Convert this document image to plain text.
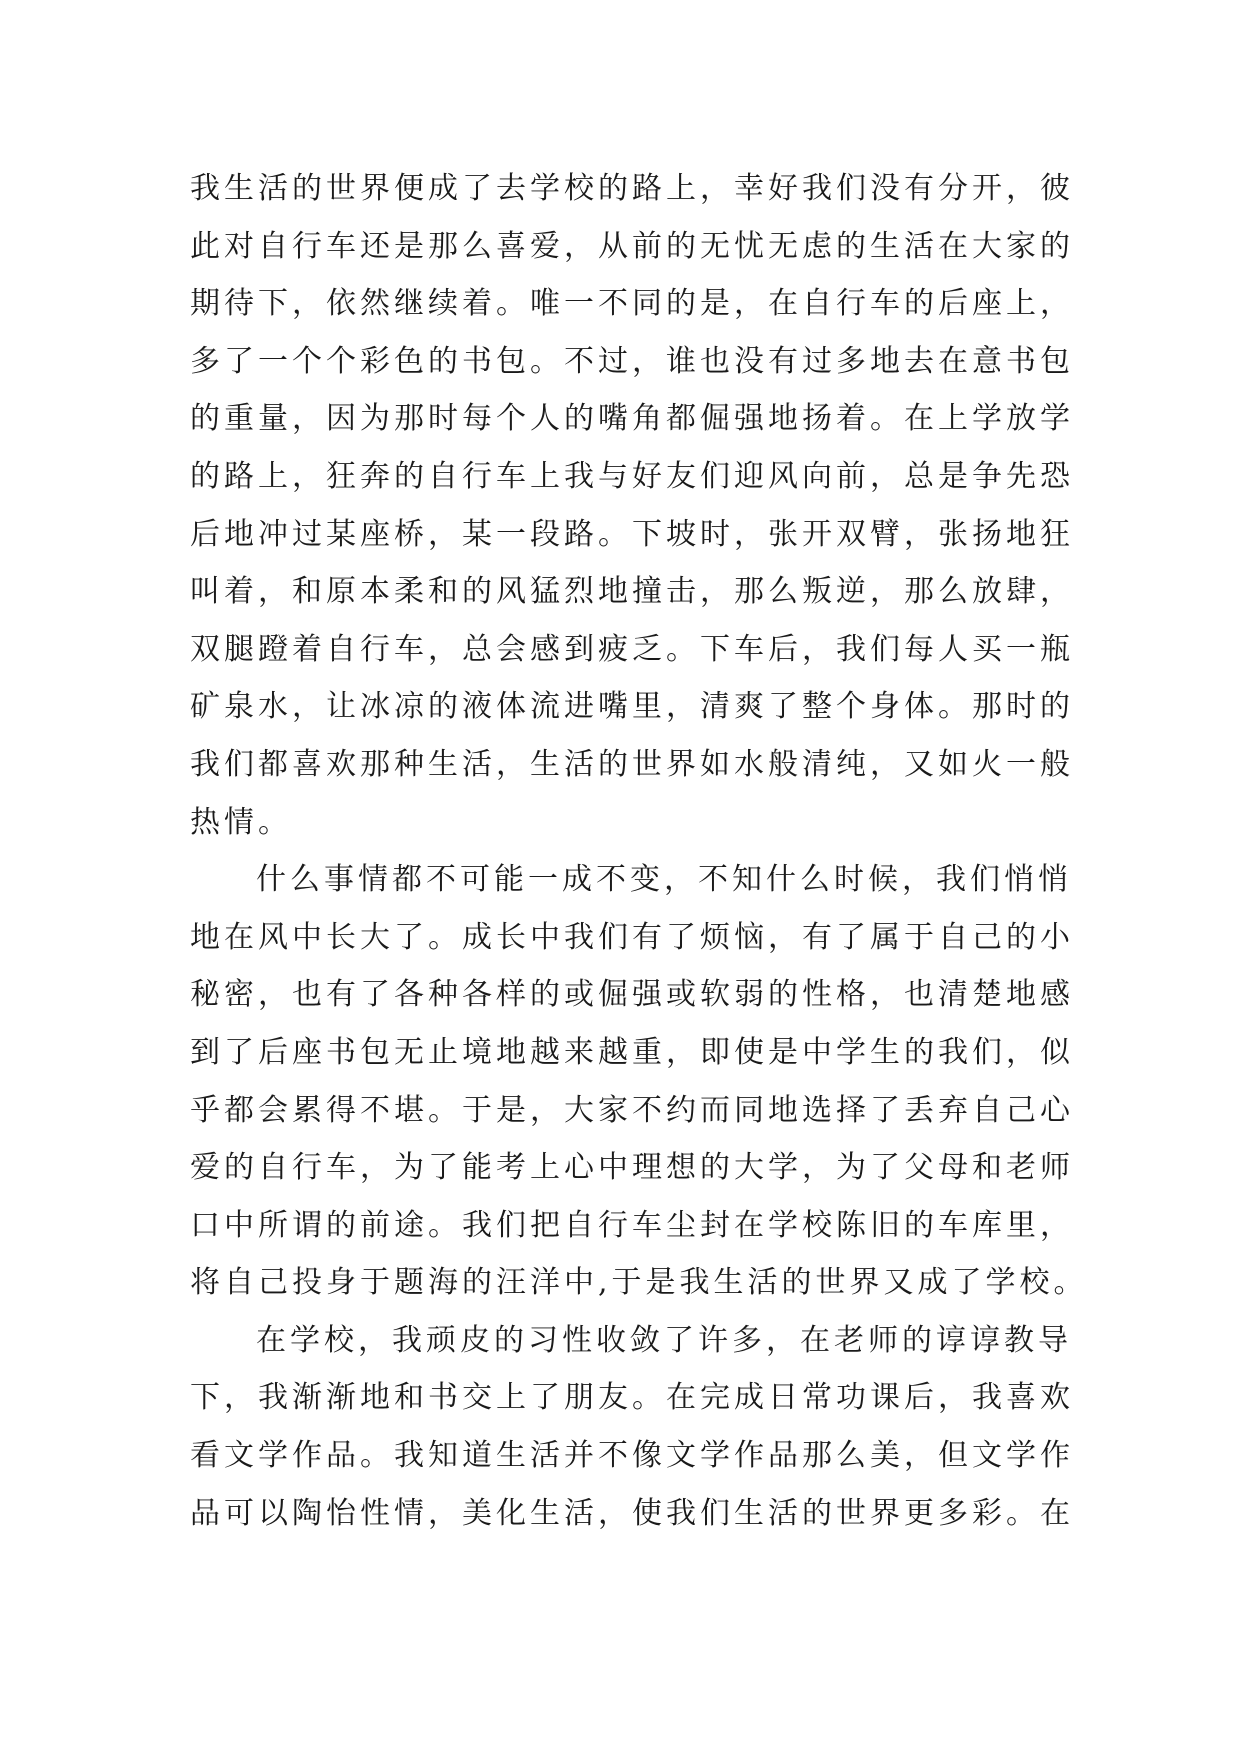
我生活的世界便成了去学校的路上，幸好我们没有分开，彼
此对自行车还是那么喜爱，从前的无忧无虑的生活在大家的
期待下，依然继续着。唯一不同的是，在自行车的后座上，
多了一个个彩色的书包。不过，谁也没有过多地去在意书包
的重量，因为那时每个人的嘴角都倔强地扬着。在上学放学
的路上，狂奔的自行车上我与好友们迎风向前，总是争先恐
后地冲过某座桥，某一段路。下坡时，张开双臂，张扬地狂
叫着，和原本柔和的风猛烈地撞击，那么叛逆，那么放肆，
双腿蹬着自行车，总会感到疲乏。下车后，我们每人买一瓶
矿泉水，让冰凉的液体流进嘴里，清爽了整个身体。那时的
我们都喜欢那种生活，生活的世界如水般清纯，又如火一般
热情。
什么事情都不可能一成不变，不知什么时候，我们悄悄
地在风中长大了。成长中我们有了烦恼，有了属于自己的小
秘密，也有了各种各样的或倔强或软弱的性格，也清楚地感
到了后座书包无止境地越来越重，即使是中学生的我们，似
乎都会累得不堪。于是，大家不约而同地选择了丢弃自己心
爱的自行车，为了能考上心中理想的大学，为了父母和老师
口中所谓的前途。我们把自行车尘封在学校陈旧的车库里，
将自己投身于题海的汪洋中,于是我生活的世界又成了学校。
在学校，我顽皮的习性收敛了许多，在老师的谆谆教导
下，我渐渐地和书交上了朋友。在完成日常功课后，我喜欢
看文学作品。我知道生活并不像文学作品那么美，但文学作
品可以陶怡性情，美化生活，使我们生活的世界更多彩。在
